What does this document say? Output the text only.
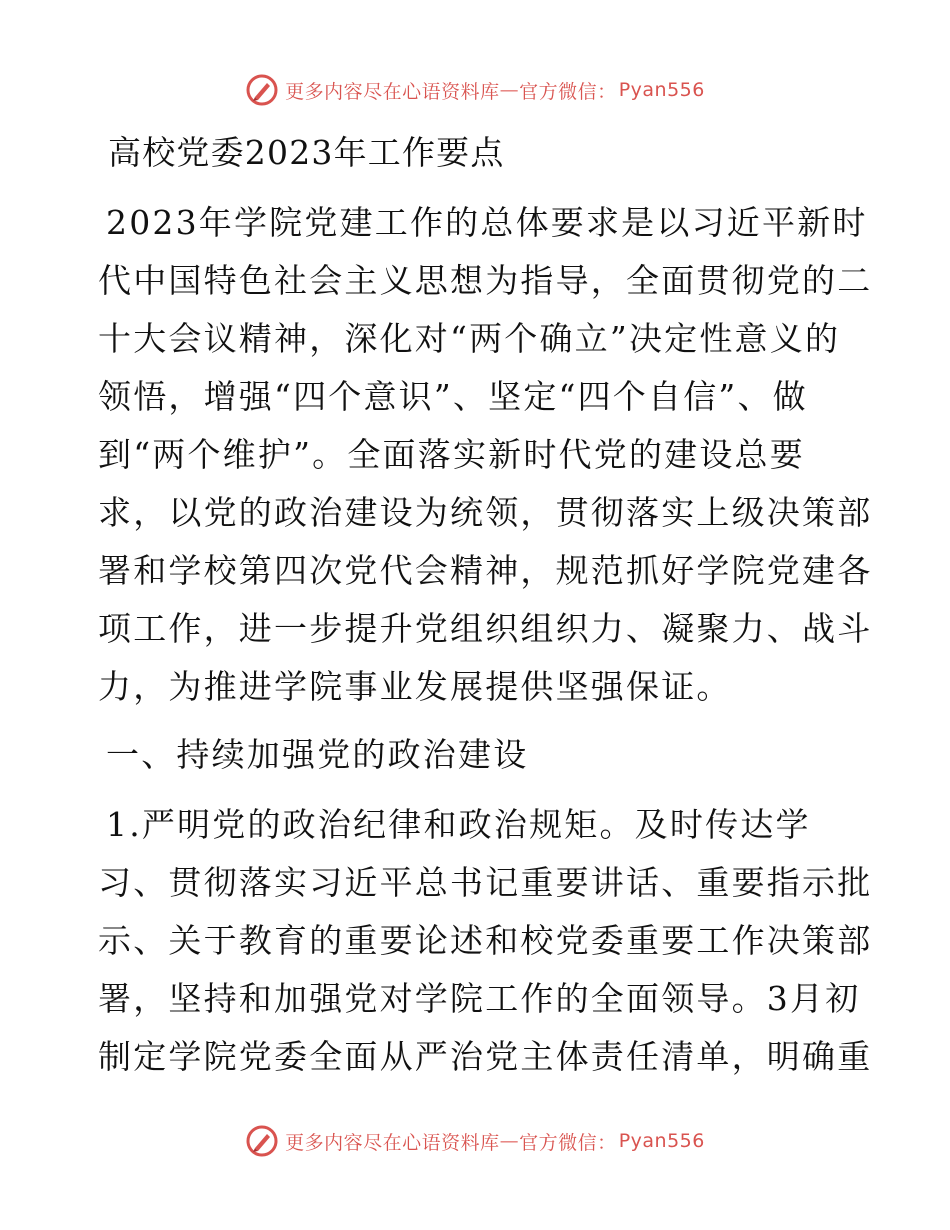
更多内容尽在心语资料库 — 官方微信： Pyan556
高校党委2023年工作要点
2023年学院党建工作的总体要求是以习近平新时
代中国特色社会主义思想为指导，全面贯彻党的二
十大会议精神，深化对“两个确立”决定性意义的
领悟，增强“四个意识”、坚定“四个自信”、做
到“两个维护”。全面落实新时代党的建设总要
求，以党的政治建设为统领，贯彻落实上级决策部
署和学校第四次党代会精神，规范抓好学院党建各
项工作，进一步提升党组织组织力、凝聚力、战斗
力，为推进学院事业发展提供坚强保证。
一、持续加强党的政治建设
1.严明党的政治纪律和政治规矩。及时传达学
习、贯彻落实习近平总书记重要讲话、重要指示批
示、关于教育的重要论述和校党委重要工作决策部
署，坚持和加强党对学院工作的全面领导。3月初
制定学院党委全面从严治党主体责任清单，明确重
更多内容尽在心语资料库 — 官方微信： Pyan556
